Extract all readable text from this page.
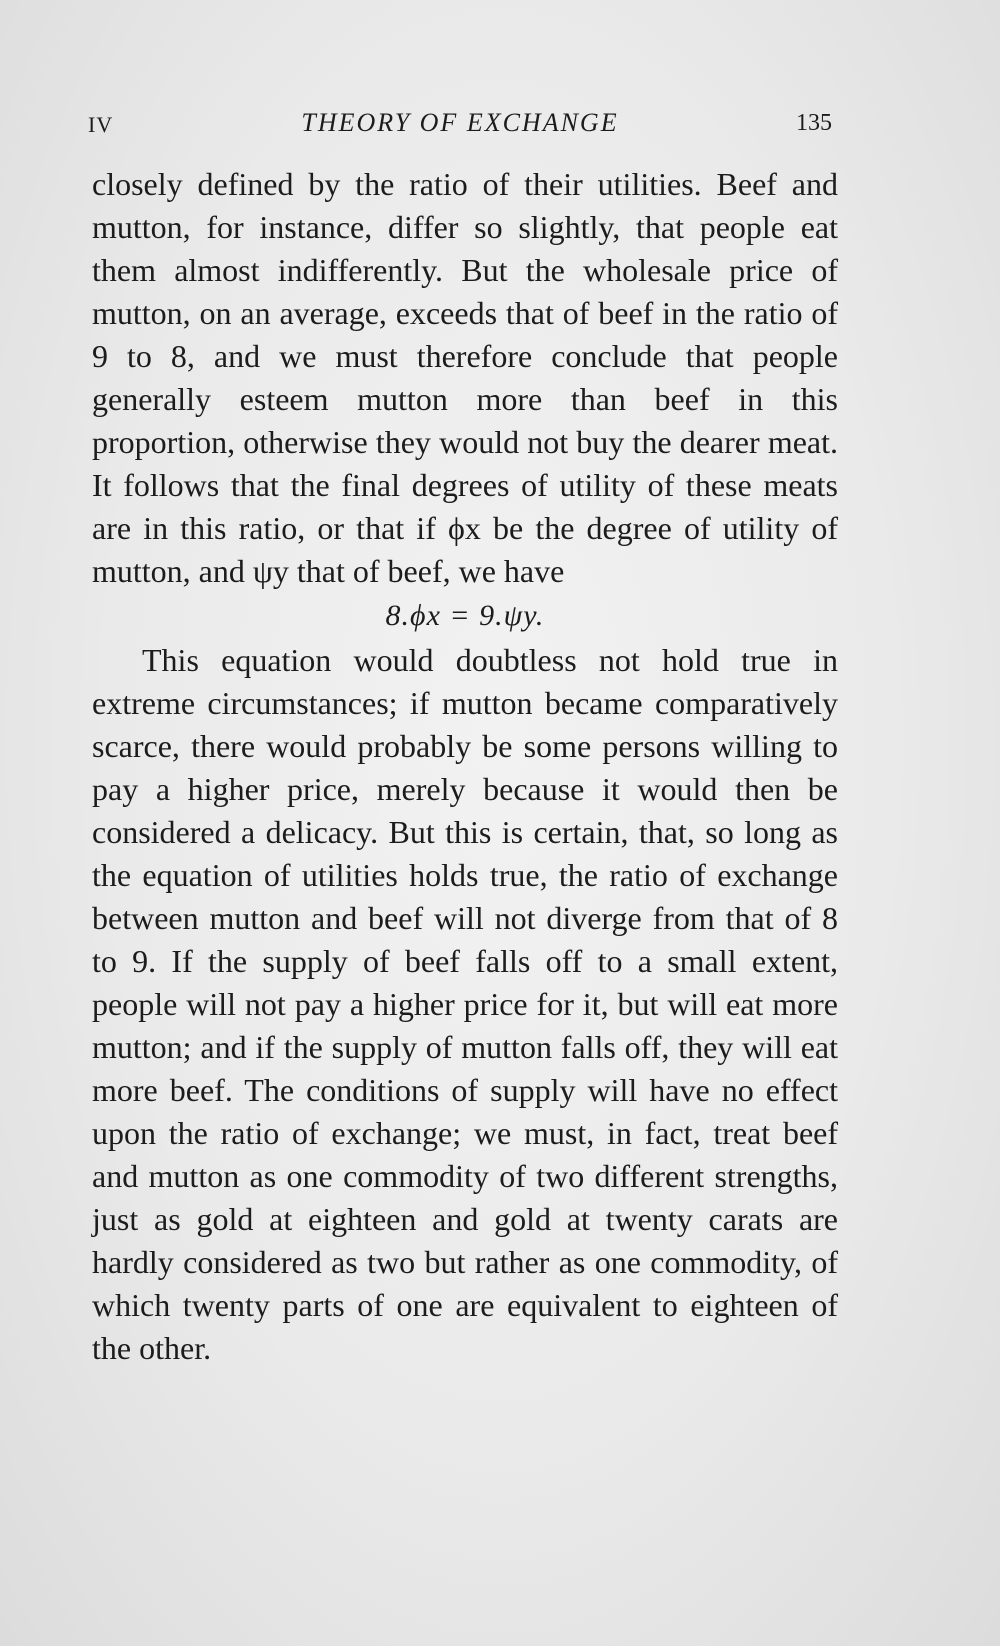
IV	THEORY OF EXCHANGE	135

closely defined by the ratio of their utilities. Beef and mutton, for instance, differ so slightly, that people eat them almost indifferently. But the wholesale price of mutton, on an average, exceeds that of beef in the ratio of 9 to 8, and we must therefore conclude that people generally esteem mutton more than beef in this proportion, otherwise they would not buy the dearer meat. It follows that the final degrees of utility of these meats are in this ratio, or that if ϕx be the degree of utility of mutton, and ψy that of beef, we have

8.ϕx = 9.ψy.

This equation would doubtless not hold true in extreme circumstances; if mutton became comparatively scarce, there would probably be some persons willing to pay a higher price, merely because it would then be considered a delicacy. But this is certain, that, so long as the equation of utilities holds true, the ratio of exchange between mutton and beef will not diverge from that of 8 to 9. If the supply of beef falls off to a small extent, people will not pay a higher price for it, but will eat more mutton; and if the supply of mutton falls off, they will eat more beef. The conditions of supply will have no effect upon the ratio of exchange; we must, in fact, treat beef and mutton as one commodity of two different strengths, just as gold at eighteen and gold at twenty carats are hardly considered as two but rather as one commodity, of which twenty parts of one are equivalent to eighteen of the other.
